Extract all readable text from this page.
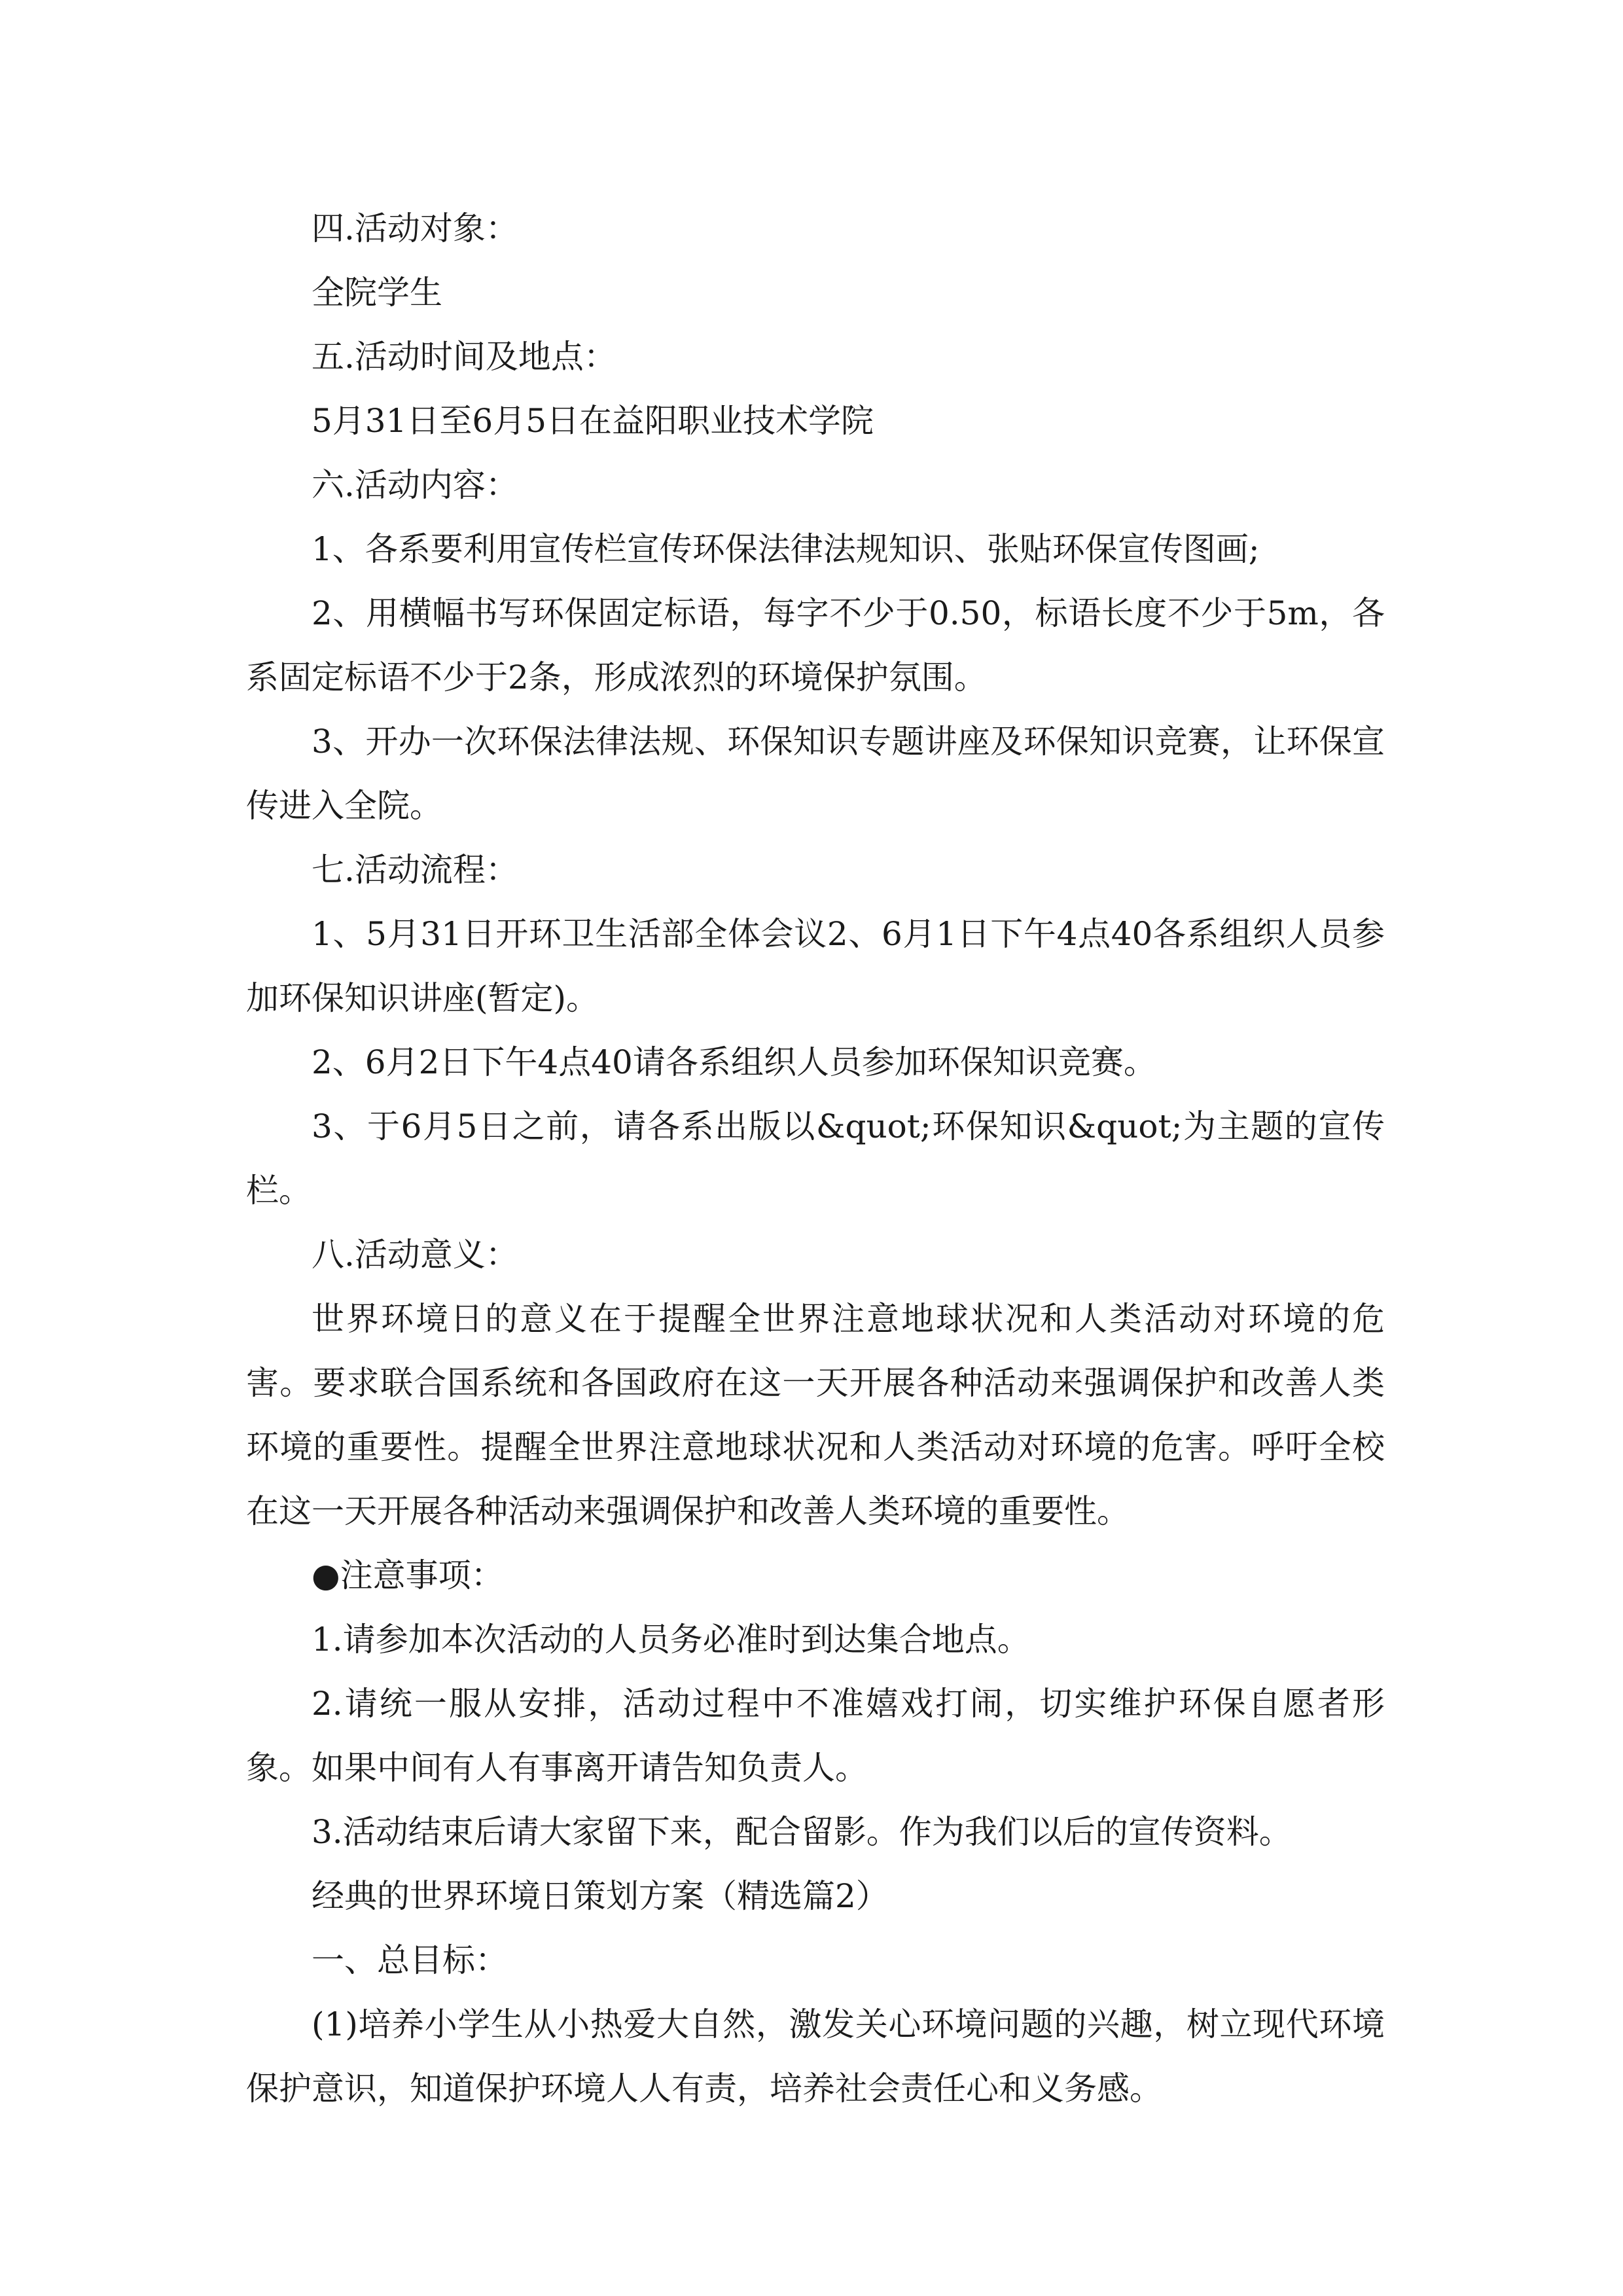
四.活动对象：

全院学生

五.活动时间及地点：

5月31日至6月5日在益阳职业技术学院

六.活动内容：

1、各系要利用宣传栏宣传环保法律法规知识、张贴环保宣传图画;

2、用横幅书写环保固定标语，每字不少于0.50，标语长度不少于5m，各系固定标语不少于2条，形成浓烈的环境保护氛围。

3、开办一次环保法律法规、环保知识专题讲座及环保知识竞赛，让环保宣传进入全院。

七.活动流程：

1、5月31日开环卫生活部全体会议2、6月1日下午4点40各系组织人员参加环保知识讲座(暂定)。

2、6月2日下午4点40请各系组织人员参加环保知识竞赛。

3、于6月5日之前，请各系出版以&quot;环保知识&quot;为主题的宣传栏。

八.活动意义：

世界环境日的意义在于提醒全世界注意地球状况和人类活动对环境的危害。要求联合国系统和各国政府在这一天开展各种活动来强调保护和改善人类环境的重要性。提醒全世界注意地球状况和人类活动对环境的危害。呼吁全校在这一天开展各种活动来强调保护和改善人类环境的重要性。

●注意事项：

1.请参加本次活动的人员务必准时到达集合地点。

2.请统一服从安排，活动过程中不准嬉戏打闹，切实维护环保自愿者形象。如果中间有人有事离开请告知负责人。

3.活动结束后请大家留下来，配合留影。作为我们以后的宣传资料。

经典的世界环境日策划方案（精选篇2）

一、总目标：

(1)培养小学生从小热爱大自然，激发关心环境问题的兴趣，树立现代环境保护意识，知道保护环境人人有责，培养社会责任心和义务感。
